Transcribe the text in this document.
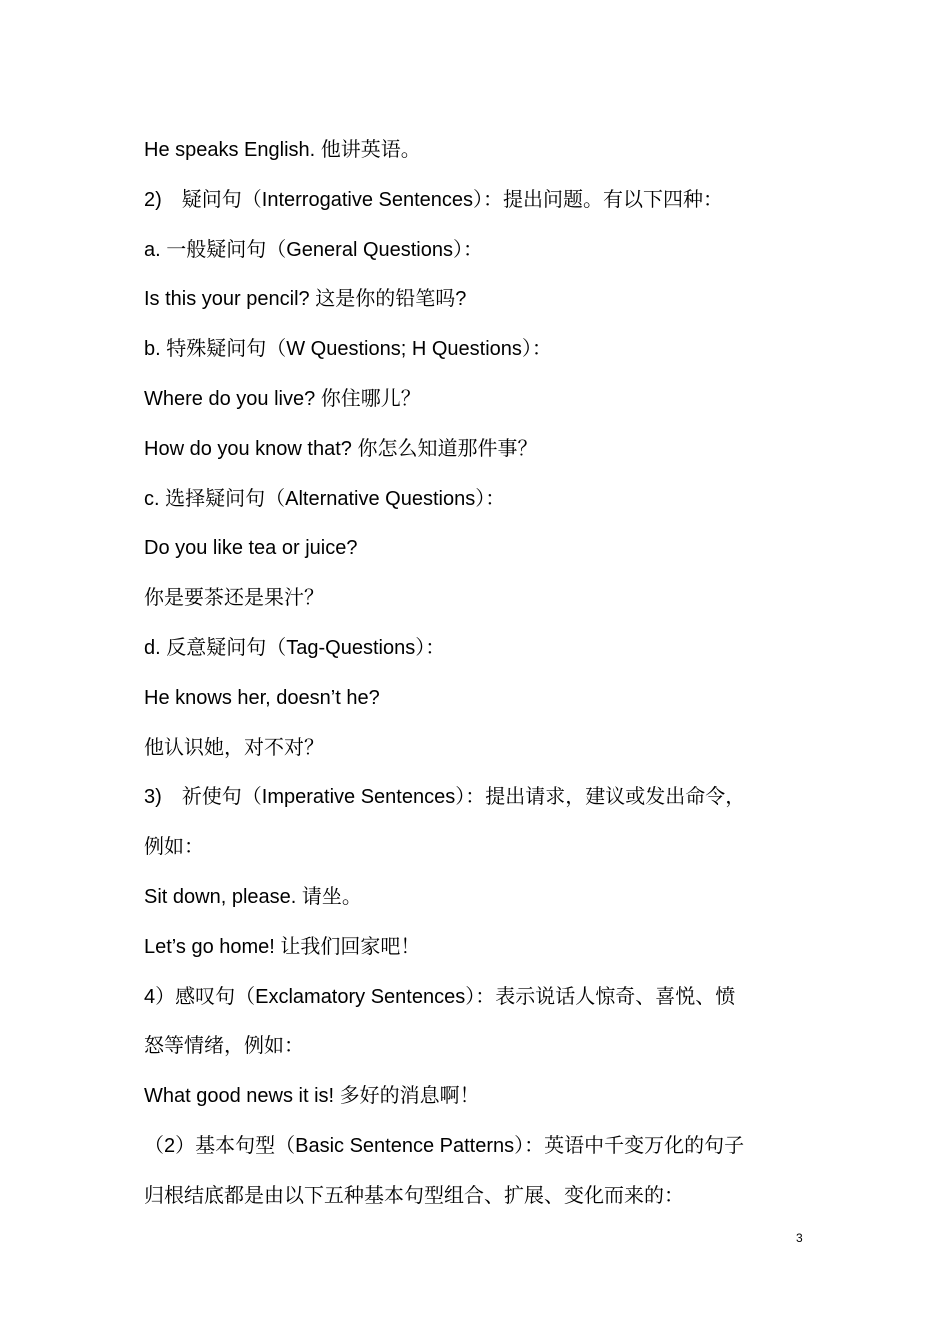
He speaks English. 他讲英语。
2)　疑问句（Interrogative Sentences）：提出问题。有以下四种：
a. 一般疑问句（General Questions）：
Is this your pencil? 这是你的铅笔吗?
b. 特殊疑问句（W Questions; H Questions）：
Where do you live? 你住哪儿？
How do you know that? 你怎么知道那件事？
c. 选择疑问句（Alternative Questions）：
Do you like tea or juice?
你是要茶还是果汁？
d. 反意疑问句（Tag-Questions）：
He knows her, doesn’t he?
他认识她，对不对？
3)　祈使句（Imperative Sentences）：提出请求，建议或发出命令，
例如：
Sit down, please. 请坐。
Let’s go home! 让我们回家吧！
4）感叹句（Exclamatory Sentences）：表示说话人惊奇、喜悦、愤
怒等情绪，例如：
What good news it is! 多好的消息啊！
（2）基本句型（Basic Sentence Patterns）：英语中千变万化的句子
归根结底都是由以下五种基本句型组合、扩展、变化而来的：
3
